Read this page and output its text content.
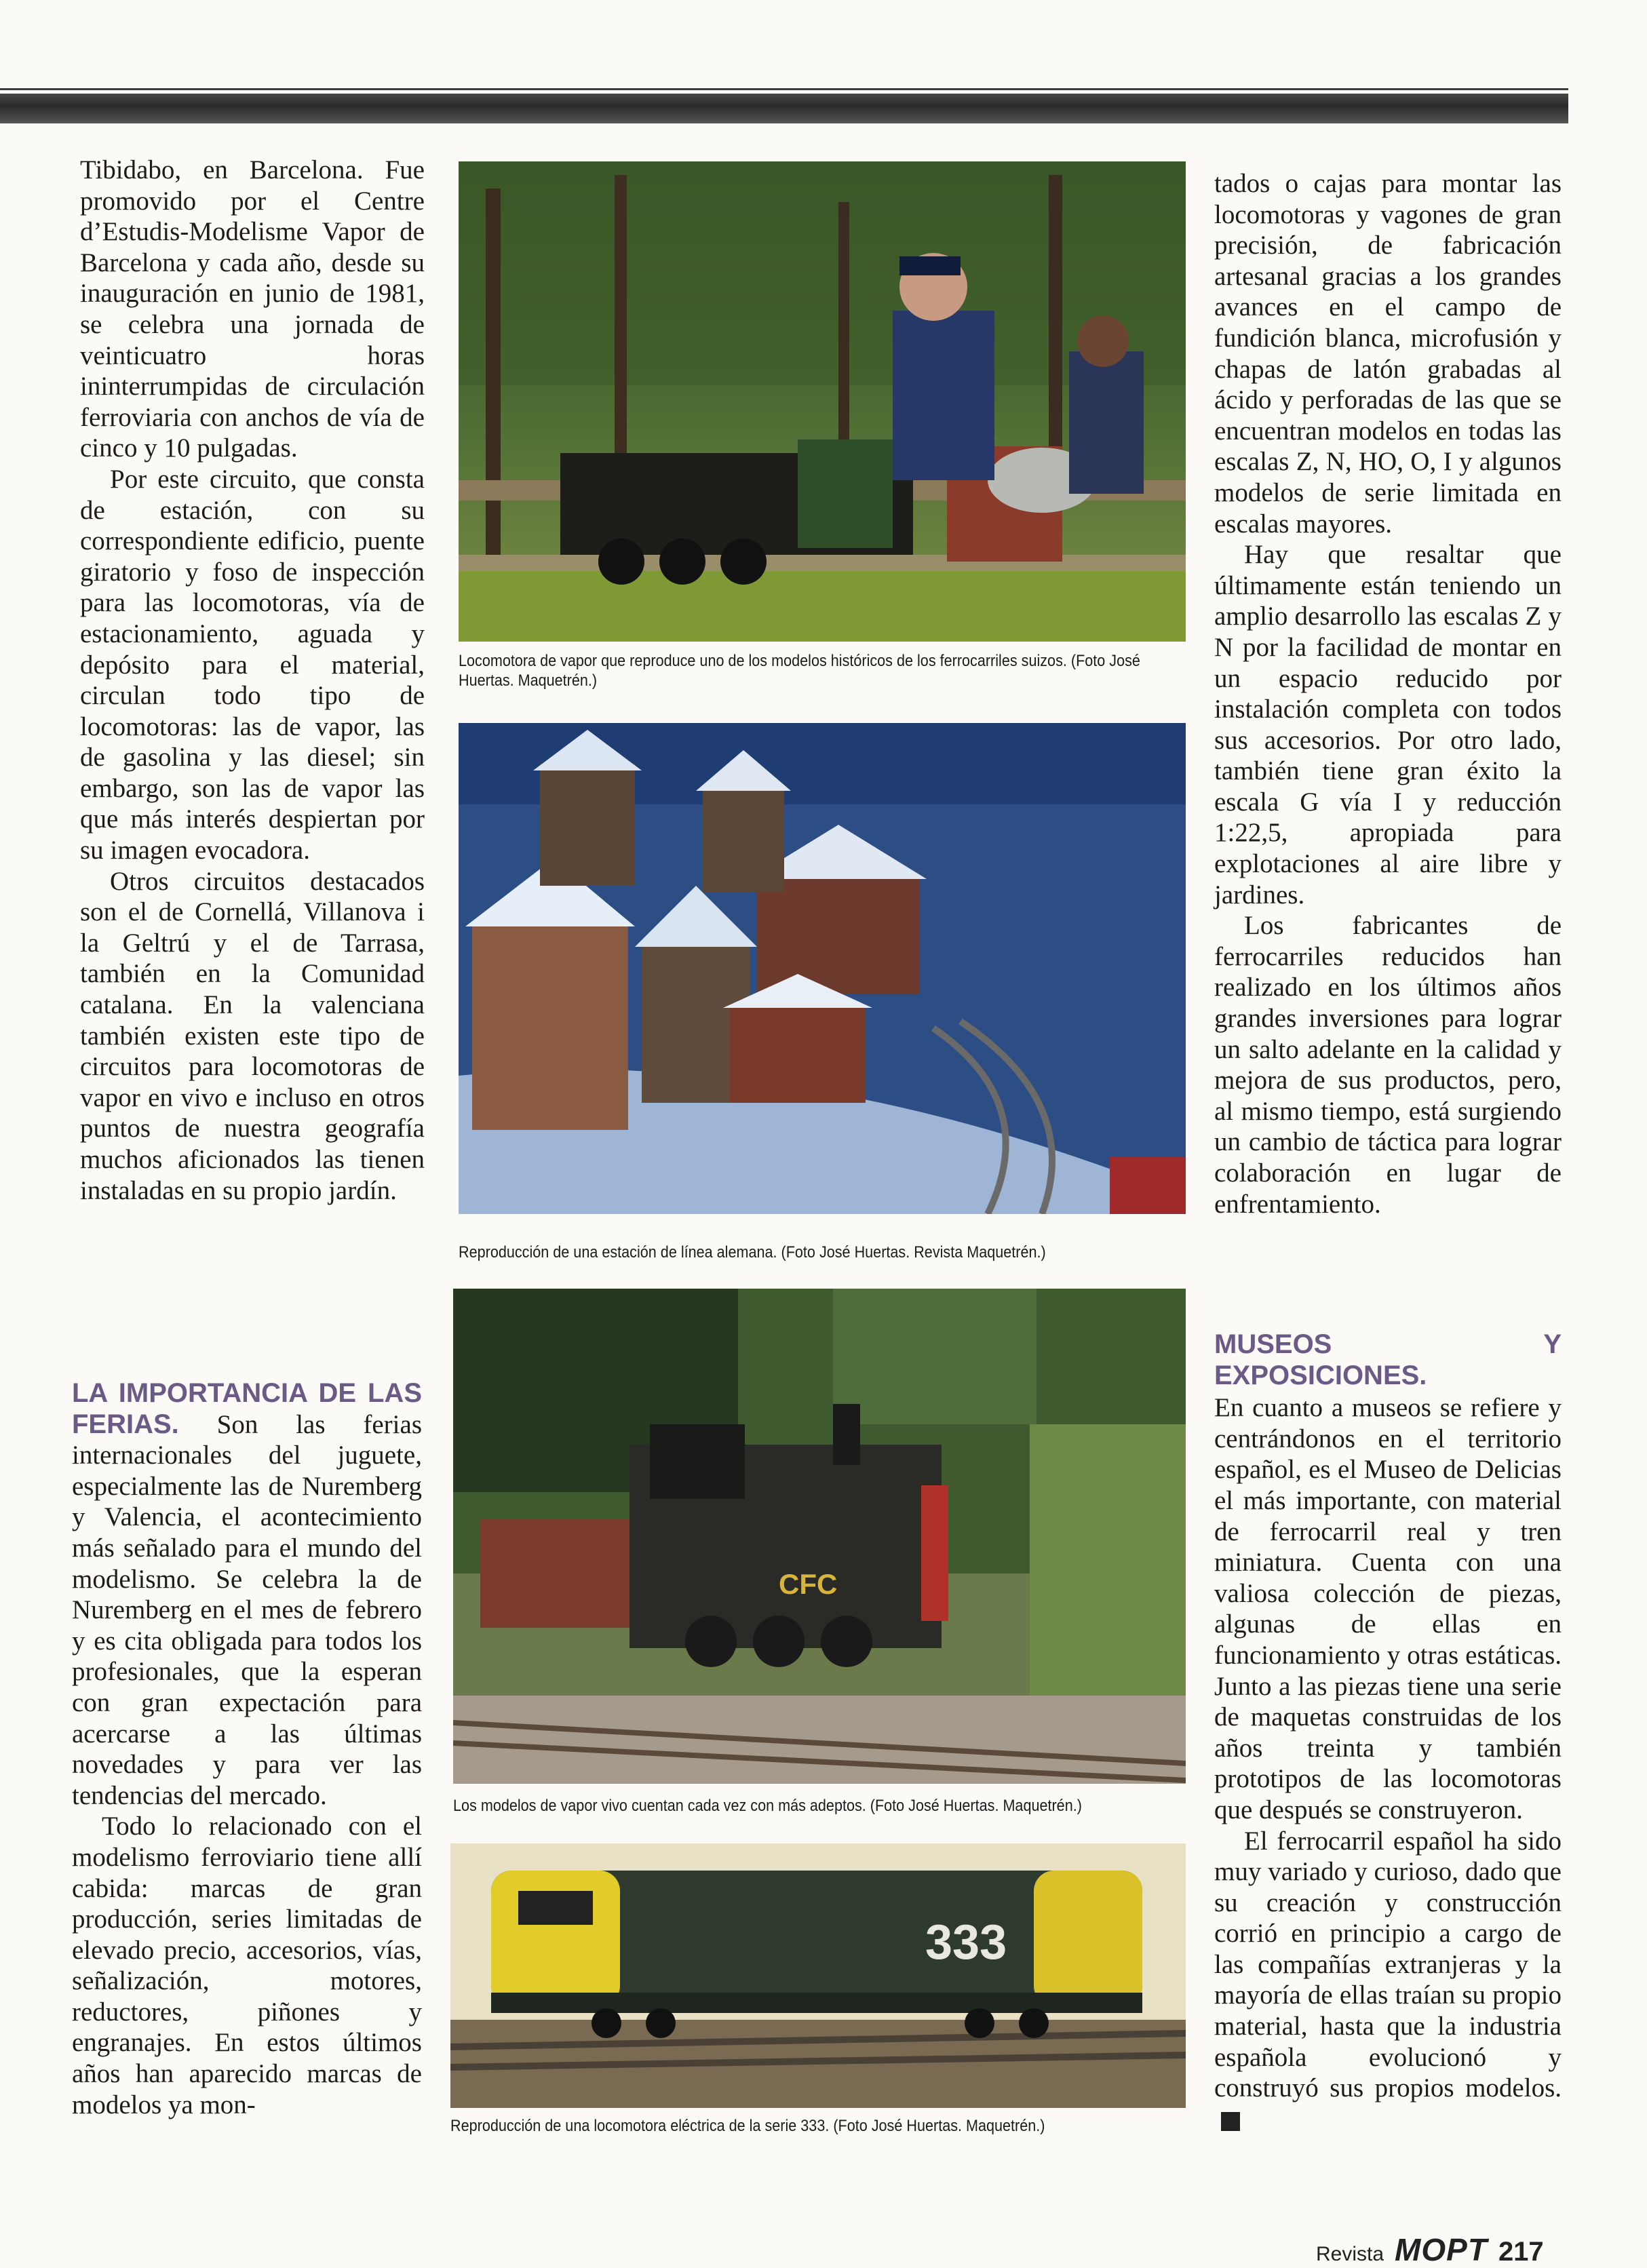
Tibidabo, en Barcelona. Fue promovido por el Centre d’Estudis-Modelisme Vapor de Barcelona y cada año, desde su inauguración en junio de 1981, se celebra una jornada de veinticuatro horas ininterrumpidas de circulación ferroviaria con anchos de vía de cinco y 10 pulgadas.

Por este circuito, que consta de estación, con su correspondiente edificio, puente giratorio y foso de inspección para las locomotoras, vía de estacionamiento, aguada y depósito para el material, circulan todo tipo de locomotoras: las de vapor, las de gasolina y las diesel; sin embargo, son las de vapor las que más interés despiertan por su imagen evocadora.

Otros circuitos destacados son el de Cornellá, Villanova i la Geltrú y el de Tarrasa, también en la Comunidad catalana. En la valenciana también existen este tipo de circuitos para locomotoras de vapor en vivo e incluso en otros puntos de nuestra geografía muchos aficionados las tienen instaladas en su propio jardín.

LA IMPORTANCIA DE LAS FERIAS. Son las ferias internacionales del juguete, especialmente las de Nuremberg y Valencia, el acontecimiento más señalado para el mundo del modelismo. Se celebra la de Nuremberg en el mes de febrero y es cita obligada para todos los profesionales, que la esperan con gran expectación para acercarse a las últimas novedades y para ver las tendencias del mercado.

Todo lo relacionado con el modelismo ferroviario tiene allí cabida: marcas de gran producción, series limitadas de elevado precio, accesorios, vías, señalización, motores, reductores, piñones y engranajes. En estos últimos años han aparecido marcas de modelos ya mon-

tados o cajas para montar las locomotoras y vagones de gran precisión, de fabricación artesanal gracias a los grandes avances en el campo de fundición blanca, microfusión y chapas de latón grabadas al ácido y perforadas de las que se encuentran modelos en todas las escalas Z, N, HO, O, I y algunos modelos de serie limitada en escalas mayores.

Hay que resaltar que últimamente están teniendo un amplio desarrollo las escalas Z y N por la facilidad de montar en un espacio reducido por instalación completa con todos sus accesorios. Por otro lado, también tiene gran éxito la escala G vía I y reducción 1:22,5, apropiada para explotaciones al aire libre y jardines.

Los fabricantes de ferrocarriles reducidos han realizado en los últimos años grandes inversiones para lograr un salto adelante en la calidad y mejora de sus productos, pero, al mismo tiempo, está surgiendo un cambio de táctica para lograr colaboración en lugar de enfrentamiento.

MUSEOS Y EXPOSICIONES.

En cuanto a museos se refiere y centrándonos en el territorio español, es el Museo de Delicias el más importante, con material de ferrocarril real y tren miniatura. Cuenta con una valiosa colección de piezas, algunas de ellas en funcionamiento y otras estáticas. Junto a las piezas tiene una serie de maquetas construidas de los años treinta y también prototipos de las locomotoras que después se construyeron.

El ferrocarril español ha sido muy variado y curioso, dado que su creación y construcción corrió en principio a cargo de las compañías extranjeras y la mayoría de ellas traían su propio material, hasta que la industria española evolucionó y construyó sus propios modelos.

Locomotora de vapor que reproduce uno de los modelos históricos de los ferrocarriles suizos. (Foto José Huertas. Maquetrén.)
Reproducción de una estación de línea alemana. (Foto José Huertas. Revista Maquetrén.)
CFC
Los modelos de vapor vivo cuentan cada vez con más adeptos. (Foto José Huertas. Maquetrén.)
333
Reproducción de una locomotora eléctrica de la serie 333. (Foto José Huertas. Maquetrén.)
Revista MOPT 217
